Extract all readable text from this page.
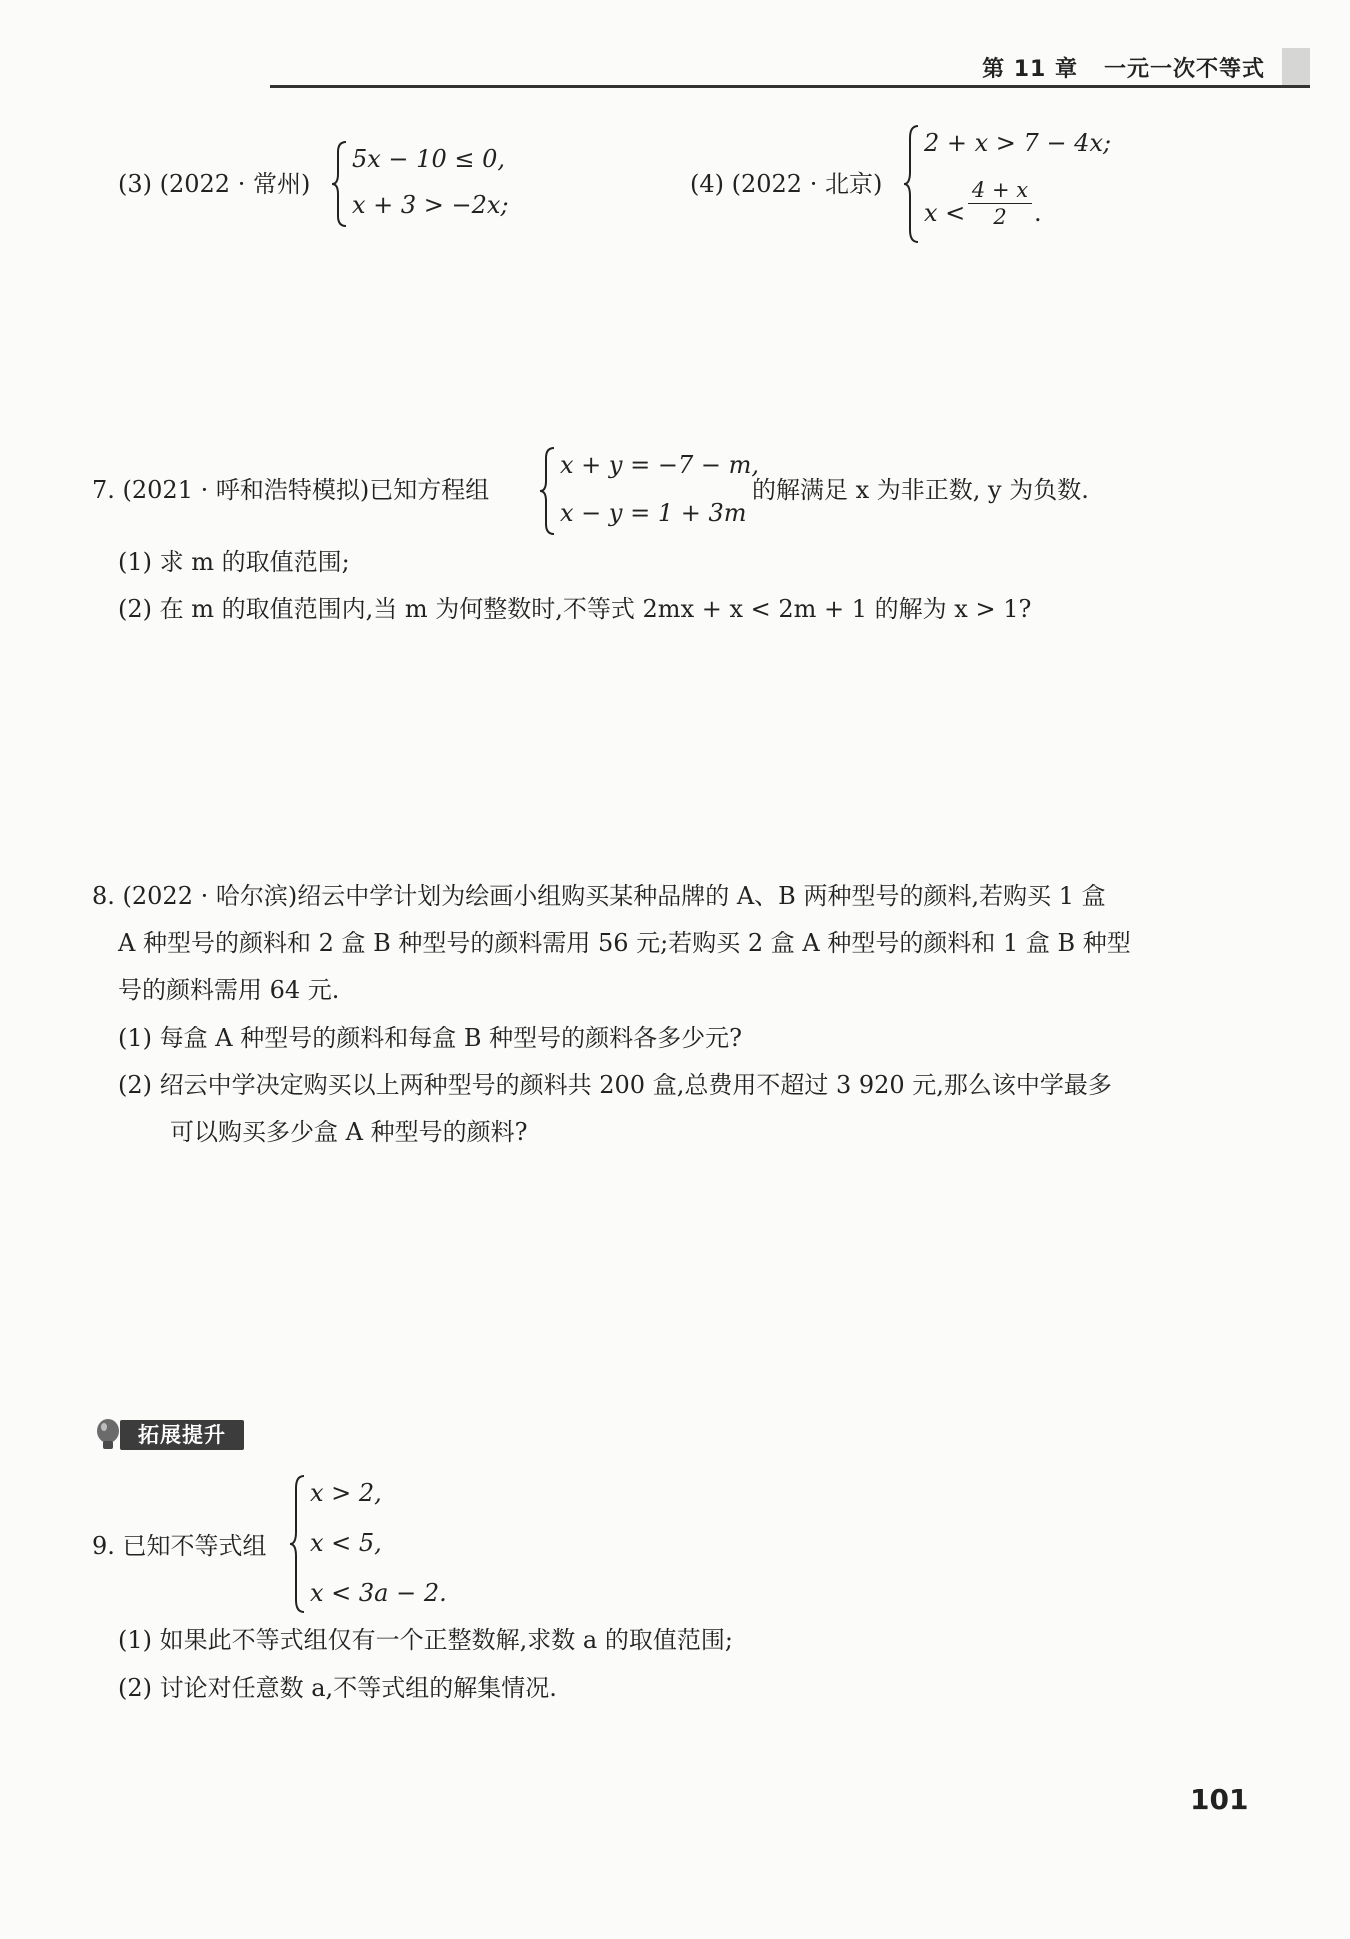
第 11 章 一元一次不等式
(3) (2022 · 常州)
5x − 10 ≤ 0,
x + 3 > −2x;
(4) (2022 · 北京)
2 + x > 7 − 4x;
x <
4 + x
2	.
7. (2021 · 呼和浩特模拟)已知方程组
x + y = −7 − m,
x − y = 1 + 3m
的解满足 x 为非正数, y 为负数.
(1) 求 m 的取值范围;
(2) 在 m 的取值范围内,当 m 为何整数时,不等式 2mx + x < 2m + 1 的解为 x > 1?
8. (2022 · 哈尔滨)绍云中学计划为绘画小组购买某种品牌的 A、B 两种型号的颜料,若购买 1 盒
A 种型号的颜料和 2 盒 B 种型号的颜料需用 56 元;若购买 2 盒 A 种型号的颜料和 1 盒 B 种型
号的颜料需用 64 元.
(1) 每盒 A 种型号的颜料和每盒 B 种型号的颜料各多少元?
(2) 绍云中学决定购买以上两种型号的颜料共 200 盒,总费用不超过 3 920 元,那么该中学最多
可以购买多少盒 A 种型号的颜料?
拓展提升
9. 已知不等式组
x > 2,
x < 5,
x < 3a − 2.
(1) 如果此不等式组仅有一个正整数解,求数 a 的取值范围;
(2) 讨论对任意数 a,不等式组的解集情况.
101
